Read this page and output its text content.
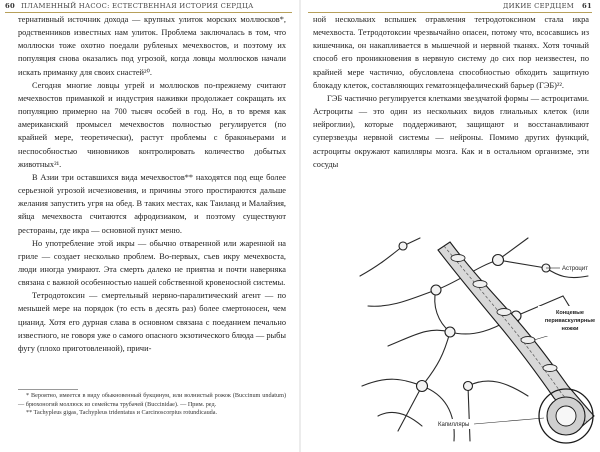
60 ПЛАМЕННЫЙ НАСОС: ЕСТЕСТВЕННАЯ ИСТОРИЯ СЕРДЦА

тернативный источник дохода — крупных улиток морских моллюсков*, родственников известных нам улиток. Проблема заключалась в том, что моллюски тоже охотно поедали рубленых мечехвостов, и поэтому их популяция снова оказались под угрозой, когда ловцы моллюсков начали искать приманку для своих снастей²⁰.

Сегодня многие ловцы угрей и моллюсков по-прежнему считают мечехвостов приманкой и индустрия наживки продолжает сокращать их популяцию примерно на 700 тысяч особей в год. Но, в то время как американский промысел мечехвостов полностью регулируется (по крайней мере, теоретически), растут проблемы с браконьерами и неспособностью чиновников контролировать количество добытых животных²¹.

В Азии три оставшихся вида мечехвостов** находятся под еще более серьезной угрозой исчезновения, и причины этого простираются дальше желания запустить угря на обед. В таких местах, как Таиланд и Малайзия, яйца мечехвоста считаются афродизиаком, и поэтому существуют рестораны, где икра — основной пункт меню.

Но употребление этой икры — обычно отваренной или жаренной на гриле — создает несколько проблем. Во-первых, съев икру мечехвоста, люди иногда умирают. Эта смерть далеко не приятна и почти наверняка связана с важной особенностью нашей собственной кровеносной системы.

Тетродотоксин — смертельный нервно-паралитический агент — по меньшей мере на порядок (то есть в десять раз) более смертоносен, чем цианид. Хотя его дурная слава в основном связана с поеданием печально известного, не говоря уже о самого опасного экзотического блюда — рыбы фугу (плохо приготовленной), причи-

* Вероятно, имеется в виду обыкновенный букцинум, или волнистый рожок (Buccinum undatum) — брюхоногий моллюск из семейства трубачей (Buccinidae). — Прим. ред.

** Tachypleus gigas, Tachypleus tridentatus и Carcinoscorpius rotundicauda.

ДИКИЕ СЕРДЦЕМ 61

ной нескольких вспышек отравления тетродотоксином стала икра мечехвоста. Тетродотоксин чрезвычайно опасен, потому что, всосавшись из кишечника, он накапливается в мышечной и нервной тканях. Хотя точный способ его проникновения в нервную систему до сих пор неизвестен, по крайней мере частично, обусловлена способностью обходить защитную блокаду клеток, составляющих гематоэнцефалический барьер (ГЭБ)²².

ГЭБ частично регулируется клетками звездчатой формы — астроцитами. Астроциты — это один из нескольких видов глиальных клеток (или нейроглии), которые поддерживают, защищают и восстанавливают суперзвезды нервной системы — нейроны. Помимо других функций, астроциты окружают капилляры мозга. Как и в остальном организме, эти сосуды

Астроцит
Концевые
периваскулярные
ножки
Капилляры
